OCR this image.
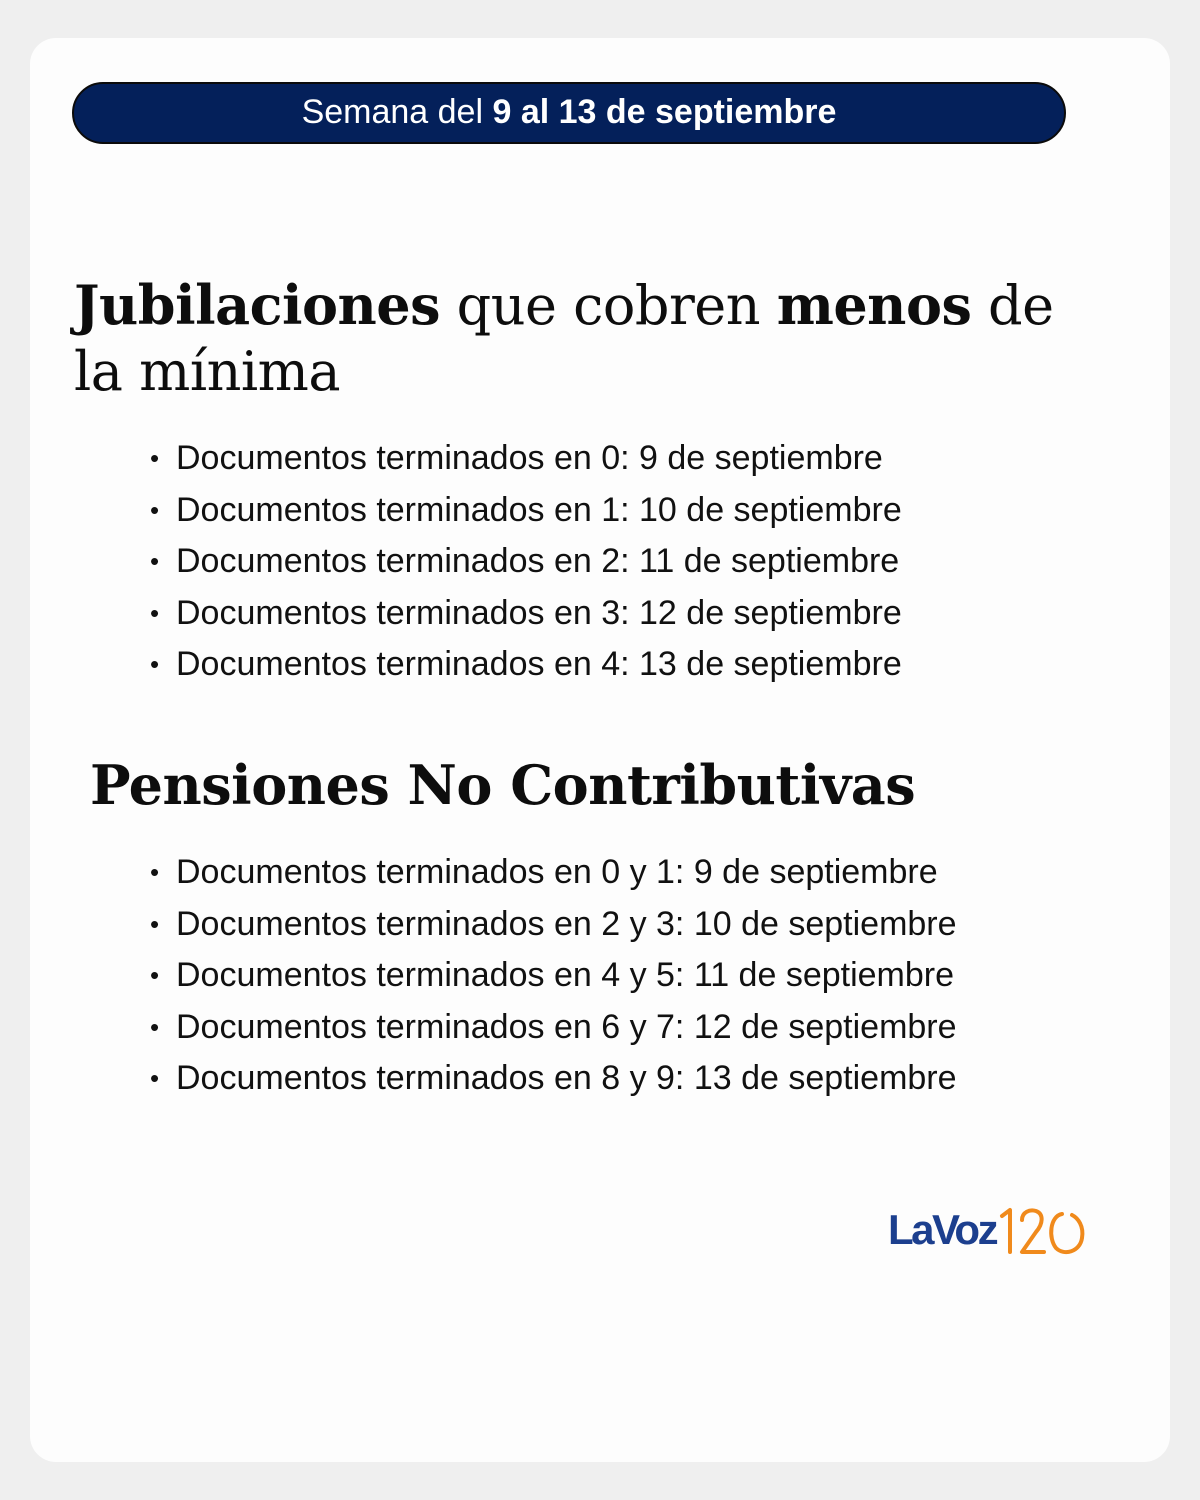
Semana del 9 al 13 de septiembre
Jubilaciones que cobren menos de la mínima
• Documentos terminados en 0: 9 de septiembre
• Documentos terminados en 1: 10 de septiembre
• Documentos terminados en 2: 11 de septiembre
• Documentos terminados en 3: 12 de septiembre
• Documentos terminados en 4: 13 de septiembre
Pensiones No Contributivas
• Documentos terminados en 0 y 1: 9 de septiembre
• Documentos terminados en 2 y 3: 10 de septiembre
• Documentos terminados en 4 y 5: 11 de septiembre
• Documentos terminados en 6 y 7: 12 de septiembre
• Documentos terminados en 8 y 9: 13 de septiembre
LaVoz
